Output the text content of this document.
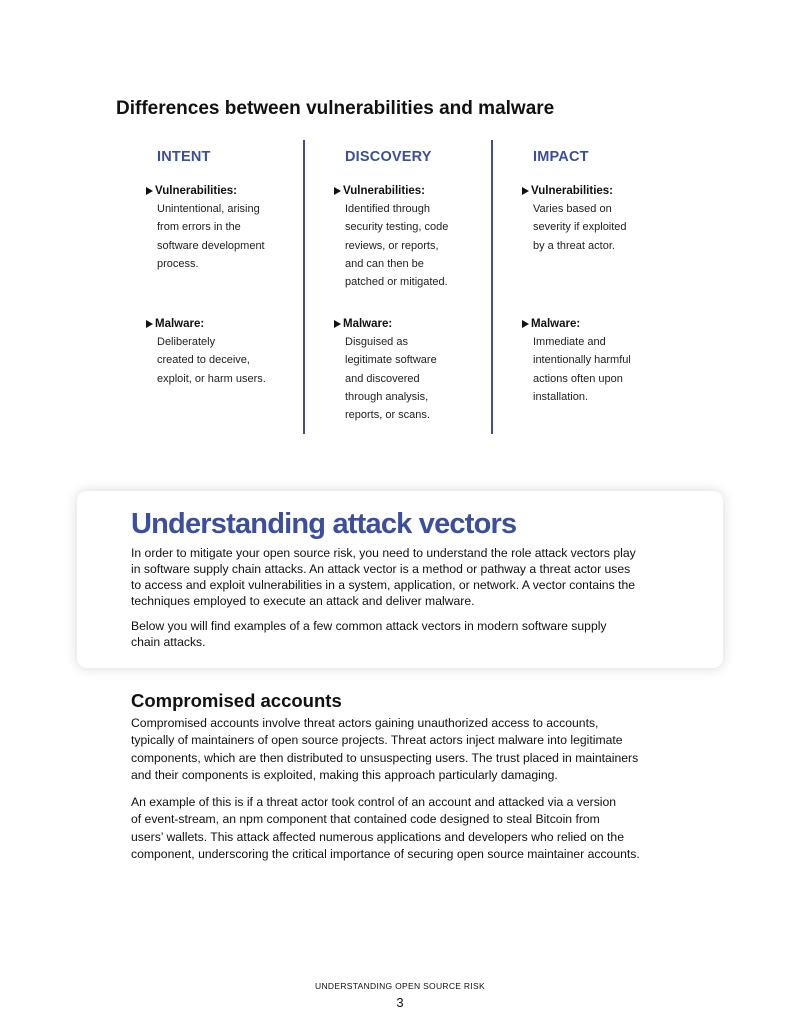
Differences between vulnerabilities and malware
INTENT
Vulnerabilities:

Unintentional, arising
from errors in the
software development
process.

Malware:

Deliberately
created to deceive,
exploit, or harm users.

DISCOVERY
Vulnerabilities:

Identified through
security testing, code
reviews, or reports,
and can then be
patched or mitigated.

Malware:

Disguised as
legitimate software
and discovered
through analysis,
reports, or scans.

IMPACT
Vulnerabilities:

Varies based on
severity if exploited
by a threat actor.

Malware:

Immediate and
intentionally harmful
actions often upon
installation.

Understanding attack vectors

In order to mitigate your open source risk, you need to understand the role attack vectors play
in software supply chain attacks. An attack vector is a method or pathway a threat actor uses
to access and exploit vulnerabilities in a system, application, or network. A vector contains the
techniques employed to execute an attack and deliver malware.

Below you will find examples of a few common attack vectors in modern software supply
chain attacks.

Compromised accounts

Compromised accounts involve threat actors gaining unauthorized access to accounts,
typically of maintainers of open source projects. Threat actors inject malware into legitimate
components, which are then distributed to unsuspecting users. The trust placed in maintainers
and their components is exploited, making this approach particularly damaging.

An example of this is if a threat actor took control of an account and attacked via a version
of event-stream, an npm component that contained code designed to steal Bitcoin from
users’ wallets. This attack affected numerous applications and developers who relied on the
component, underscoring the critical importance of securing open source maintainer accounts.

UNDERSTANDING OPEN SOURCE RISK
3
